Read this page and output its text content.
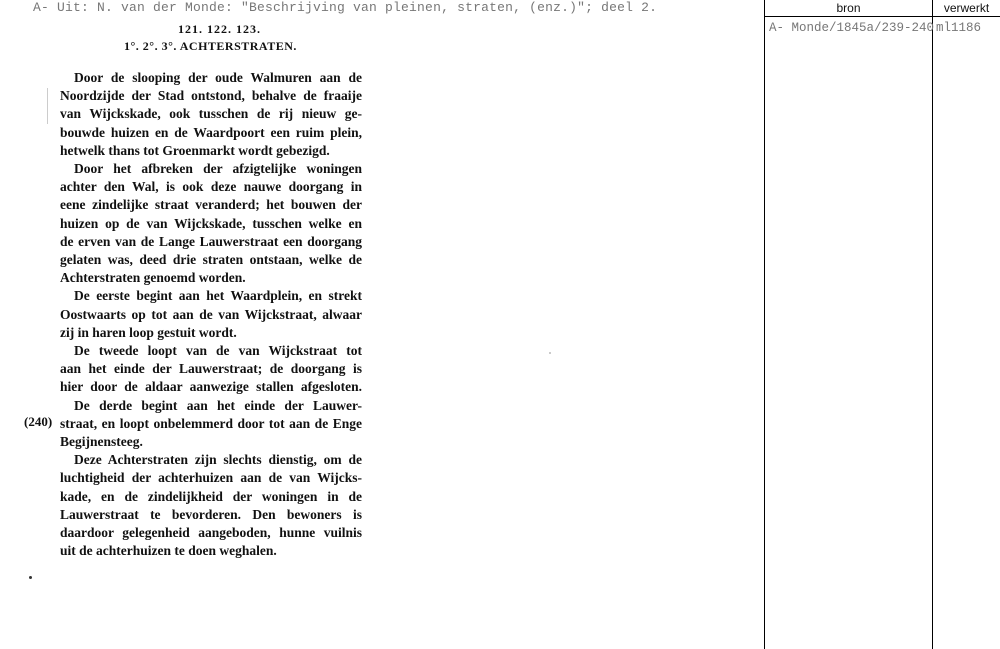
A- Uit: N. van der Monde: "Beschrijving van pleinen, straten, (enz.)"; deel 2.
121. 122. 123.
1°. 2°. 3°. ACHTERSTRATEN.
Door de slooping der oude Walmuren aan de
Noordzijde der Stad ontstond, behalve de fraaije
van Wijckskade, ook tusschen de rij nieuw ge-
bouwde huizen en de Waardpoort een ruim plein,
hetwelk thans tot Groenmarkt wordt gebezigd.
Door het afbreken der afzigtelijke woningen
achter den Wal, is ook deze nauwe doorgang in
eene zindelijke straat veranderd; het bouwen der
huizen op de van Wijckskade, tusschen welke en
de erven van de Lange Lauwerstraat een doorgang
gelaten was, deed drie straten ontstaan, welke de
Achterstraten genoemd worden.
De eerste begint aan het Waardplein, en strekt
Oostwaarts op tot aan de van Wijckstraat, alwaar
zij in haren loop gestuit wordt.
De tweede loopt van de van Wijckstraat tot
aan het einde der Lauwerstraat; de doorgang is
hier door de aldaar aanwezige stallen afgesloten.
De derde begint aan het einde der Lauwer-
straat, en loopt onbelemmerd door tot aan de Enge
Begijnensteeg.
Deze Achterstraten zijn slechts dienstig, om de
luchtigheid der achterhuizen aan de van Wijcks-
kade, en de zindelijkheid der woningen in de
Lauwerstraat te bevorderen. Den bewoners is
daardoor gelegenheid aangeboden, hunne vuilnis
uit de achterhuizen te doen weghalen.
(240)
bron	verwerkt
A- Monde/1845a/239-240 ml1186
